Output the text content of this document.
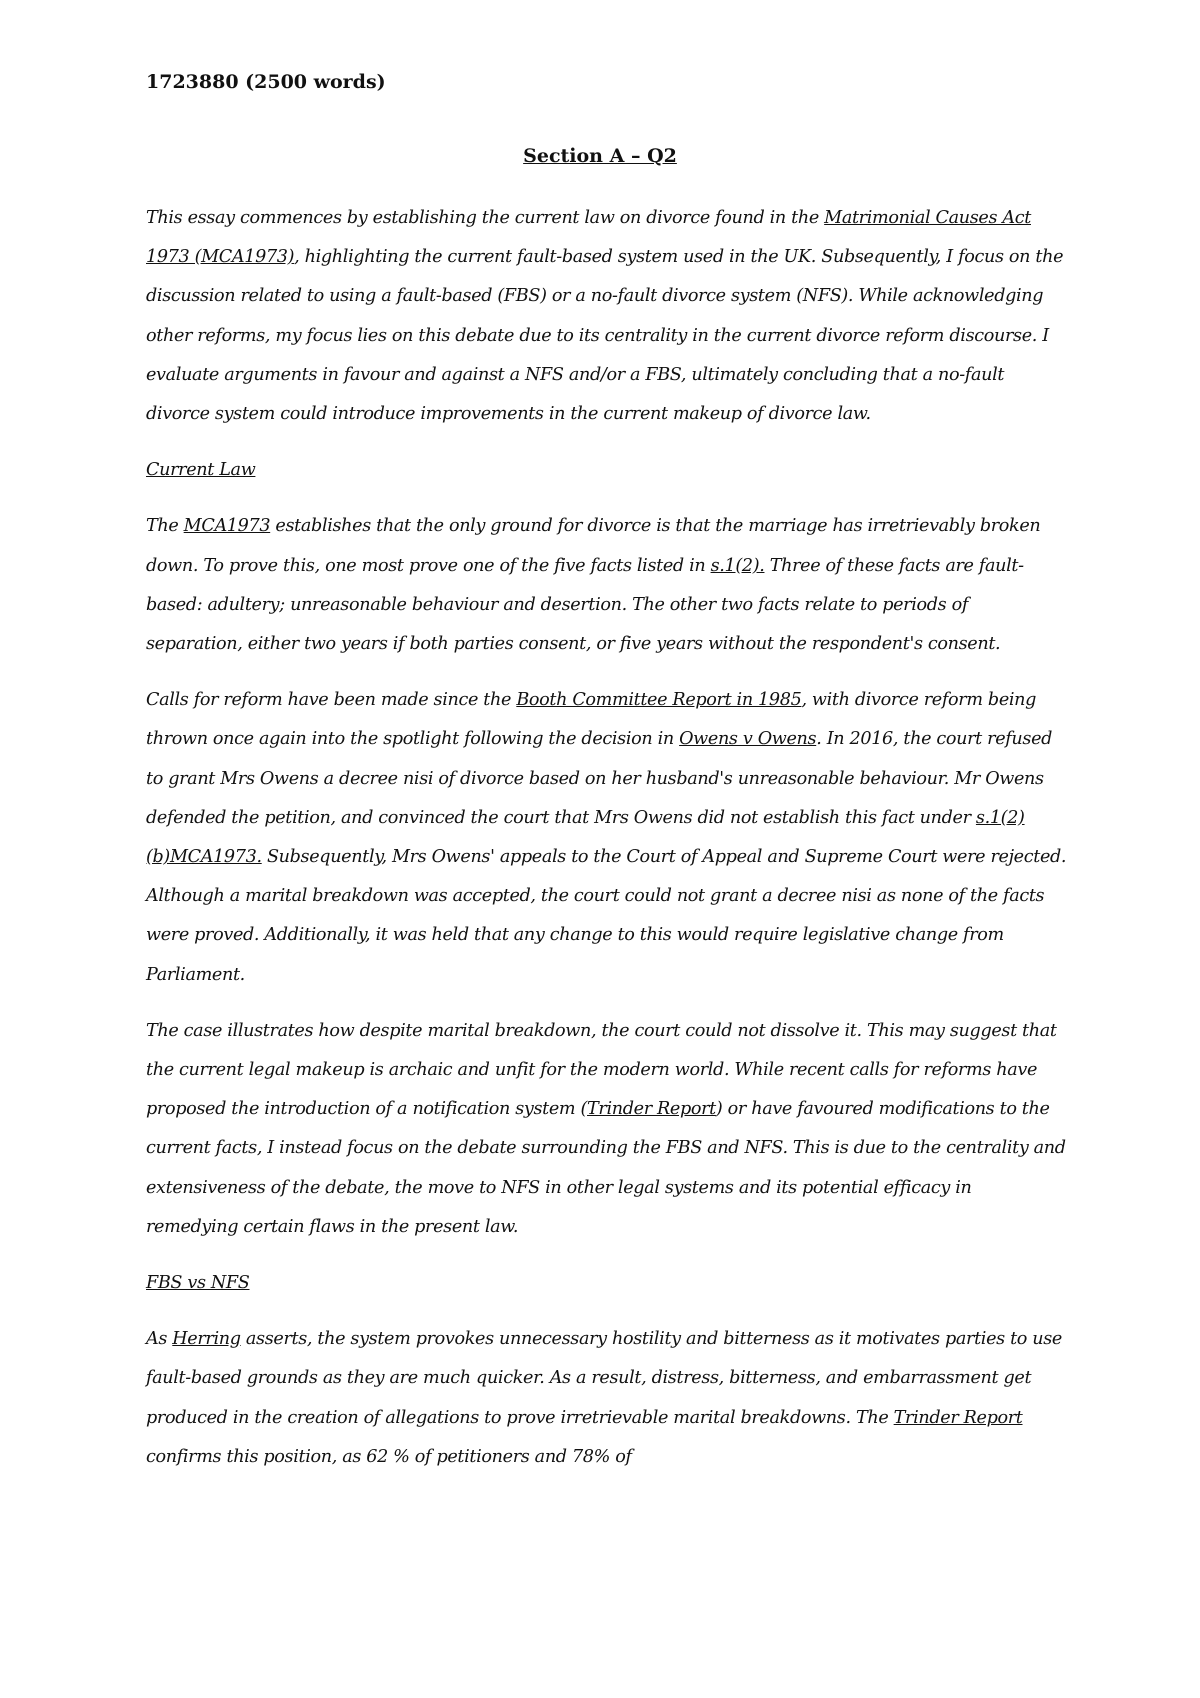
1723880 (2500 words)

Section A – Q2

This essay commences by establishing the current law on divorce found in the Matrimonial Causes Act 1973 (MCA1973), highlighting the current fault-based system used in the UK. Subsequently, I focus on the discussion related to using a fault-based (FBS) or a no-fault divorce system (NFS). While acknowledging other reforms, my focus lies on this debate due to its centrality in the current divorce reform discourse. I evaluate arguments in favour and against a NFS and/or a FBS, ultimately concluding that a no-fault divorce system could introduce improvements in the current makeup of divorce law.

Current Law

The MCA1973 establishes that the only ground for divorce is that the marriage has irretrievably broken down. To prove this, one most prove one of the five facts listed in s.1(2). Three of these facts are fault-based: adultery; unreasonable behaviour and desertion. The other two facts relate to periods of separation, either two years if both parties consent, or five years without the respondent's consent.

Calls for reform have been made since the Booth Committee Report in 1985, with divorce reform being thrown once again into the spotlight following the decision in Owens v Owens. In 2016, the court refused to grant Mrs Owens a decree nisi of divorce based on her husband's unreasonable behaviour. Mr Owens defended the petition, and convinced the court that Mrs Owens did not establish this fact under s.1(2)(b)MCA1973. Subsequently, Mrs Owens' appeals to the Court of Appeal and Supreme Court were rejected. Although a marital breakdown was accepted, the court could not grant a decree nisi as none of the facts were proved. Additionally, it was held that any change to this would require legislative change from Parliament.

The case illustrates how despite marital breakdown, the court could not dissolve it. This may suggest that the current legal makeup is archaic and unfit for the modern world. While recent calls for reforms have proposed the introduction of a notification system (Trinder Report) or have favoured modifications to the current facts, I instead focus on the debate surrounding the FBS and NFS. This is due to the centrality and extensiveness of the debate, the move to NFS in other legal systems and its potential efficacy in remedying certain flaws in the present law.

FBS vs NFS

As Herring asserts, the system provokes unnecessary hostility and bitterness as it motivates parties to use fault-based grounds as they are much quicker. As a result, distress, bitterness, and embarrassment get produced in the creation of allegations to prove irretrievable marital breakdowns. The Trinder Report confirms this position, as 62 % of petitioners and 78% of
